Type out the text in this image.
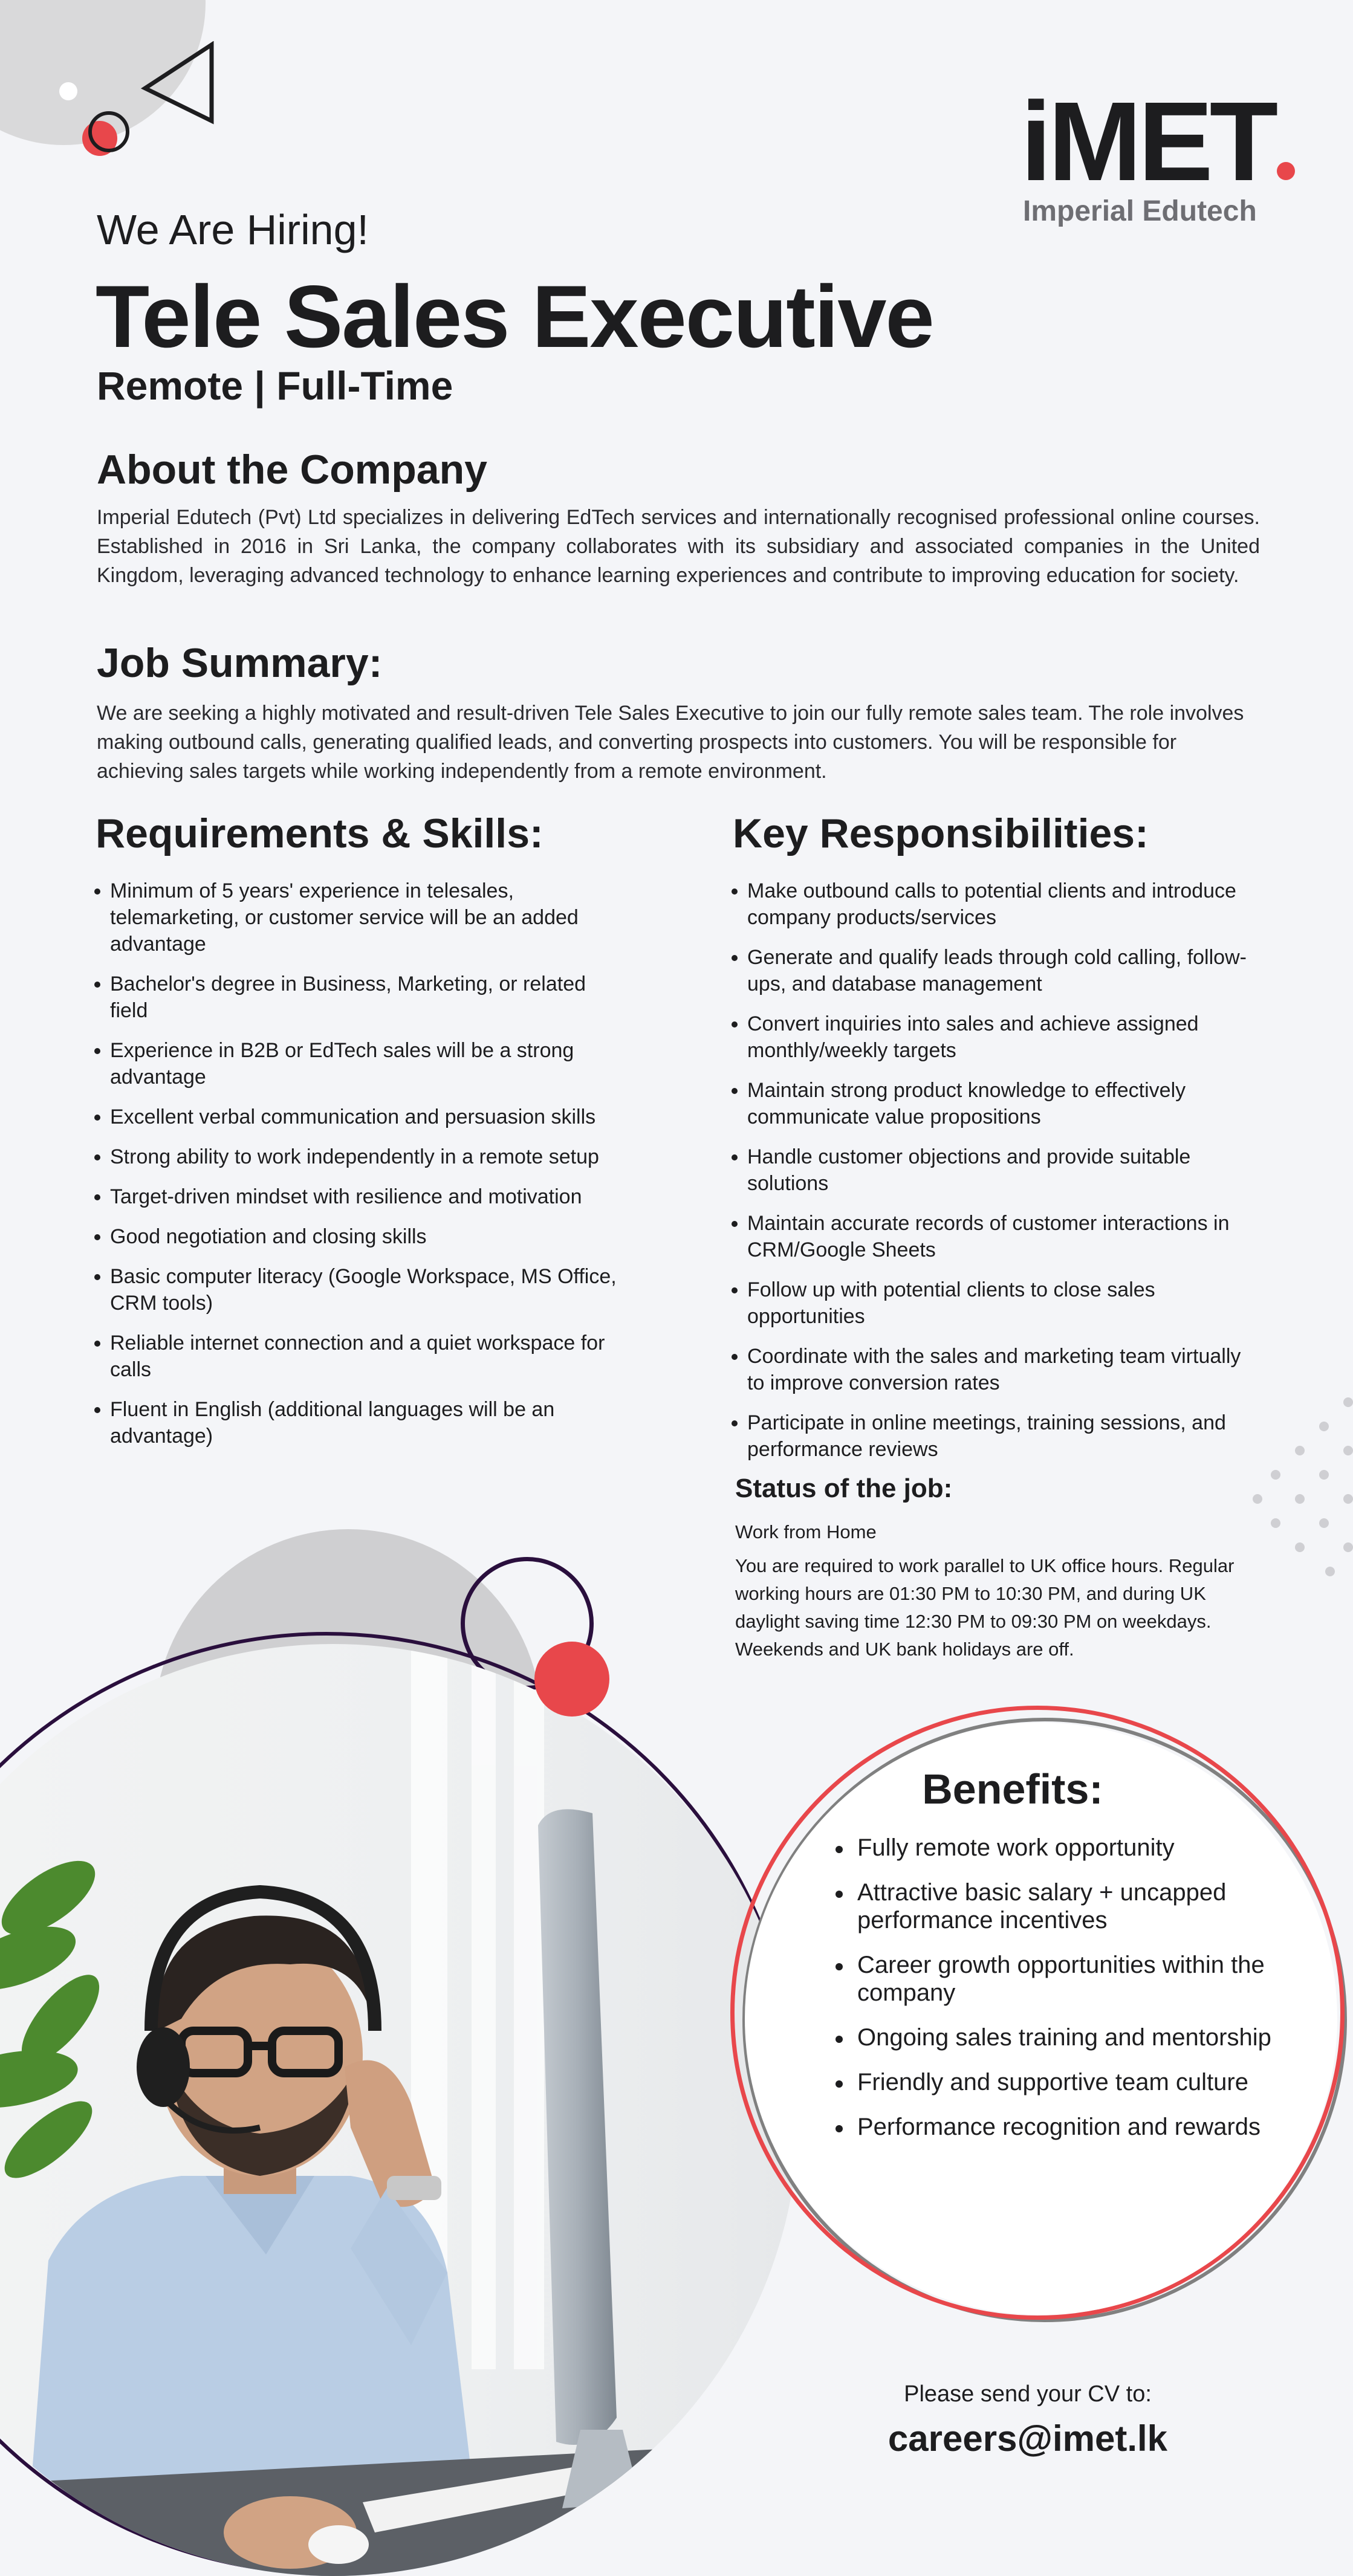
iMET
Imperial Edutech
We Are Hiring!
Tele Sales Executive
Remote | Full-Time
About the Company
Imperial Edutech (Pvt) Ltd specializes in delivering EdTech services and internationally recognised professional online courses. Established in 2016 in Sri Lanka, the company collaborates with its subsidiary and associated companies in the United Kingdom, leveraging advanced technology to enhance learning experiences and contribute to improving education for society.
Job Summary:
We are seeking a highly motivated and result-driven Tele Sales Executive to join our fully remote sales team. The role involves making outbound calls, generating qualified leads, and converting prospects into customers. You will be responsible for achieving sales targets while working independently from a remote environment.
Requirements & Skills:
Minimum of 5 years' experience in telesales, telemarketing, or customer service will be an added advantage
Bachelor's degree in Business, Marketing, or related field
Experience in B2B or EdTech sales will be a strong advantage
Excellent verbal communication and persuasion skills
Strong ability to work independently in a remote setup
Target-driven mindset with resilience and motivation
Good negotiation and closing skills
Basic computer literacy (Google Workspace, MS Office, CRM tools)
Reliable internet connection and a quiet workspace for calls
Fluent in English (additional languages will be an advantage)
Key Responsibilities:
Make outbound calls to potential clients and introduce company products/services
Generate and qualify leads through cold calling, follow-ups, and database management
Convert inquiries into sales and achieve assigned monthly/weekly targets
Maintain strong product knowledge to effectively communicate value propositions
Handle customer objections and provide suitable solutions
Maintain accurate records of customer interactions in CRM/Google Sheets
Follow up with potential clients to close sales opportunities
Coordinate with the sales and marketing team virtually to improve conversion rates
Participate in online meetings, training sessions, and performance reviews
Status of the job:
Work from Home
You are required to work parallel to UK office hours. Regular working hours are 01:30 PM to 10:30 PM, and during UK daylight saving time 12:30 PM to 09:30 PM on weekdays. Weekends and UK bank holidays are off.
Benefits:
Fully remote work opportunity
Attractive basic salary + uncapped performance incentives
Career growth opportunities within the company
Ongoing sales training and mentorship
Friendly and supportive team culture
Performance recognition and rewards
Please send your CV to:
careers@imet.lk
